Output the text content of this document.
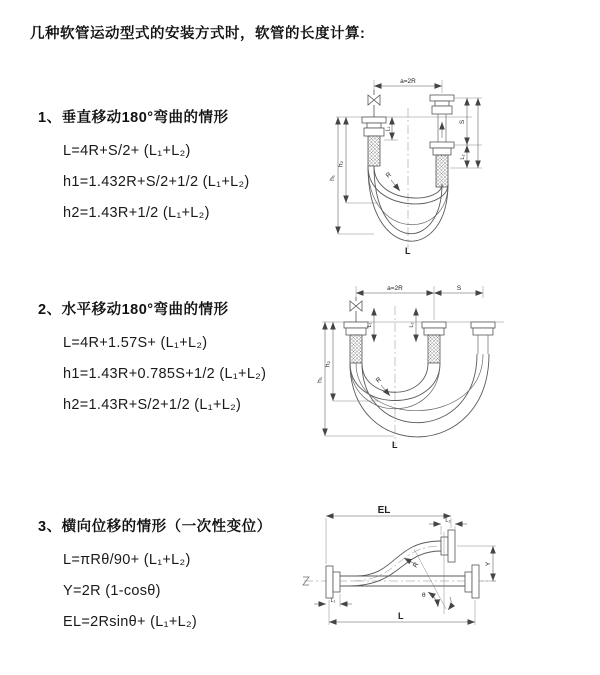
几种软管运动型式的安装方式时，软管的长度计算:
1、垂直移动180°弯曲的情形
L=4R+S/2+ (L₁+L₂)
h1=1.432R+S/2+1/2 (L₁+L₂)
h2=1.43R+1/2 (L₁+L₂)
a=2R
R
h₁
h₂
L₁
S
L₂
L
2、水平移动180°弯曲的情形
L=4R+1.57S+ (L₁+L₂)
h1=1.43R+0.785S+1/2 (L₁+L₂)
h2=1.43R+S/2+1/2 (L₁+L₂)
a=2R	S
L₁	L₂
R
h₁
h₂
L
3、横向位移的情形（一次性变位）
L=πRθ/90+ (L₁+L₂)
Y=2R (1-cosθ)
EL=2Rsinθ+ (L₁+L₂)
θ
R
EL
L₂
Y
L₁
L
